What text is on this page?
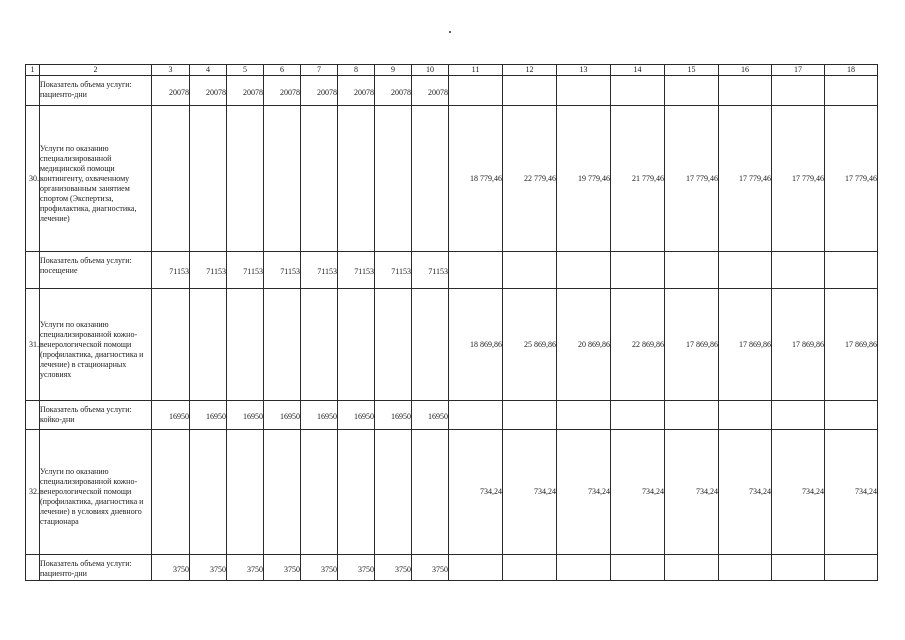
1	2	3	4	5	6	7	8	9	10	11	12	13	14	15	16	17	18
	Показатель объема услуги: пациенто-дни	20078	20078	20078	20078	20078	20078	20078	20078								
30.	Услуги по оказанию специализированной медицинской помощи контингенту, охваченному организованным занятием спортом (Экспертиза, профилактика, диагностика, лечение)									18 779,46	22 779,46	19 779,46	21 779,46	17 779,46	17 779,46	17 779,46	17 779,46
	Показатель объема услуги: посещение	71153	71153	71153	71153	71153	71153	71153	71153								
31.	Услуги по оказанию специализированной кожно-венерологической помощи (профилактика, диагностика и лечение) в стационарных условиях									18 869,86	25 869,86	20 869,86	22 869,86	17 869,86	17 869,86	17 869,86	17 869,86
	Показатель объема услуги: койко-дни	16950	16950	16950	16950	16950	16950	16950	16950								
32.	Услуги по оказанию специализированной кожно-венерологической помощи (профилактика, диагностика и лечение) в условиях дневного стационара									734,24	734,24	734,24	734,24	734,24	734,24	734,24	734,24
	Показатель объема услуги: пациенто-дни	3750	3750	3750	3750	3750	3750	3750	3750								
